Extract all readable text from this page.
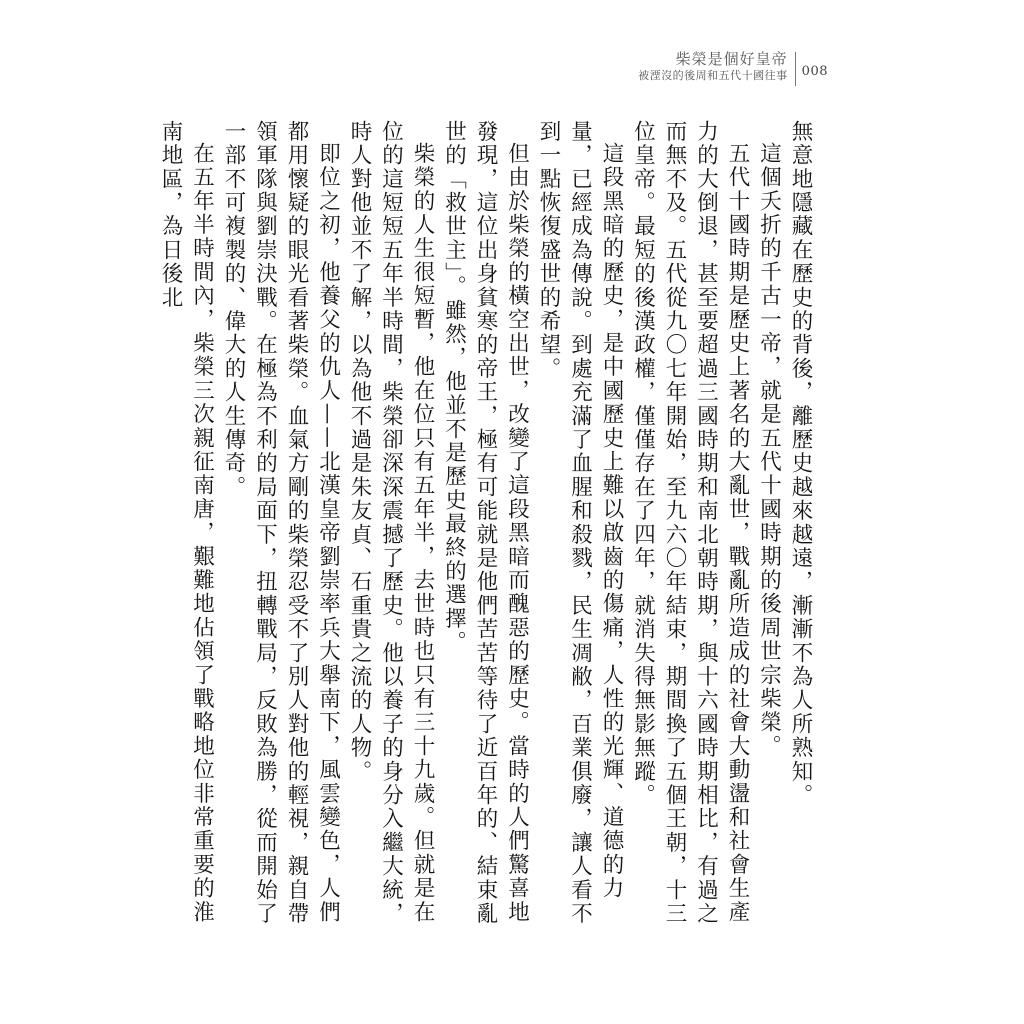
柴榮是個好皇帝
被湮沒的後周和五代十國往事	008

無意地隱藏在歷史的背後，離歷史越來越遠，漸漸不為人所熟知。

這個夭折的千古一帝，就是五代十國時期的後周世宗柴榮。

五代十國時期是歷史上著名的大亂世，戰亂所造成的社會大動盪和社會生產力的大倒退，甚至要超過三國時期和南北朝時期，與十六國時期相比，有過之而無不及。五代從九〇七年開始，至九六〇年結束，期間換了五個王朝，十三位皇帝。最短的後漢政權，僅僅存在了四年，就消失得無影無蹤。

這段黑暗的歷史，是中國歷史上難以啟齒的傷痛，人性的光輝、道德的力量，已經成為傳說。到處充滿了血腥和殺戮，民生凋敝，百業俱廢，讓人看不到一點恢復盛世的希望。

但由於柴榮的橫空出世，改變了這段黑暗而醜惡的歷史。當時的人們驚喜地發現，這位出身貧寒的帝王，極有可能就是他們苦苦等待了近百年的、結束亂世的「救世主」。雖然，他並不是歷史最終的選擇。

柴榮的人生很短暫，他在位只有五年半，去世時也只有三十九歲。但就是在位的這短短五年半時間，柴榮卻深深震撼了歷史。他以養子的身分入繼大統，時人對他並不了解，以為他不過是朱友貞、石重貴之流的人物。

即位之初，他養父的仇人——北漢皇帝劉崇率兵大舉南下，風雲變色，人們都用懷疑的眼光看著柴榮。血氣方剛的柴榮忍受不了別人對他的輕視，親自帶領軍隊與劉崇決戰。在極為不利的局面下，扭轉戰局，反敗為勝，從而開始了一部不可複製的、偉大的人生傳奇。

在五年半時間內，柴榮三次親征南唐，艱難地佔領了戰略地位非常重要的淮南地區，為日後北
